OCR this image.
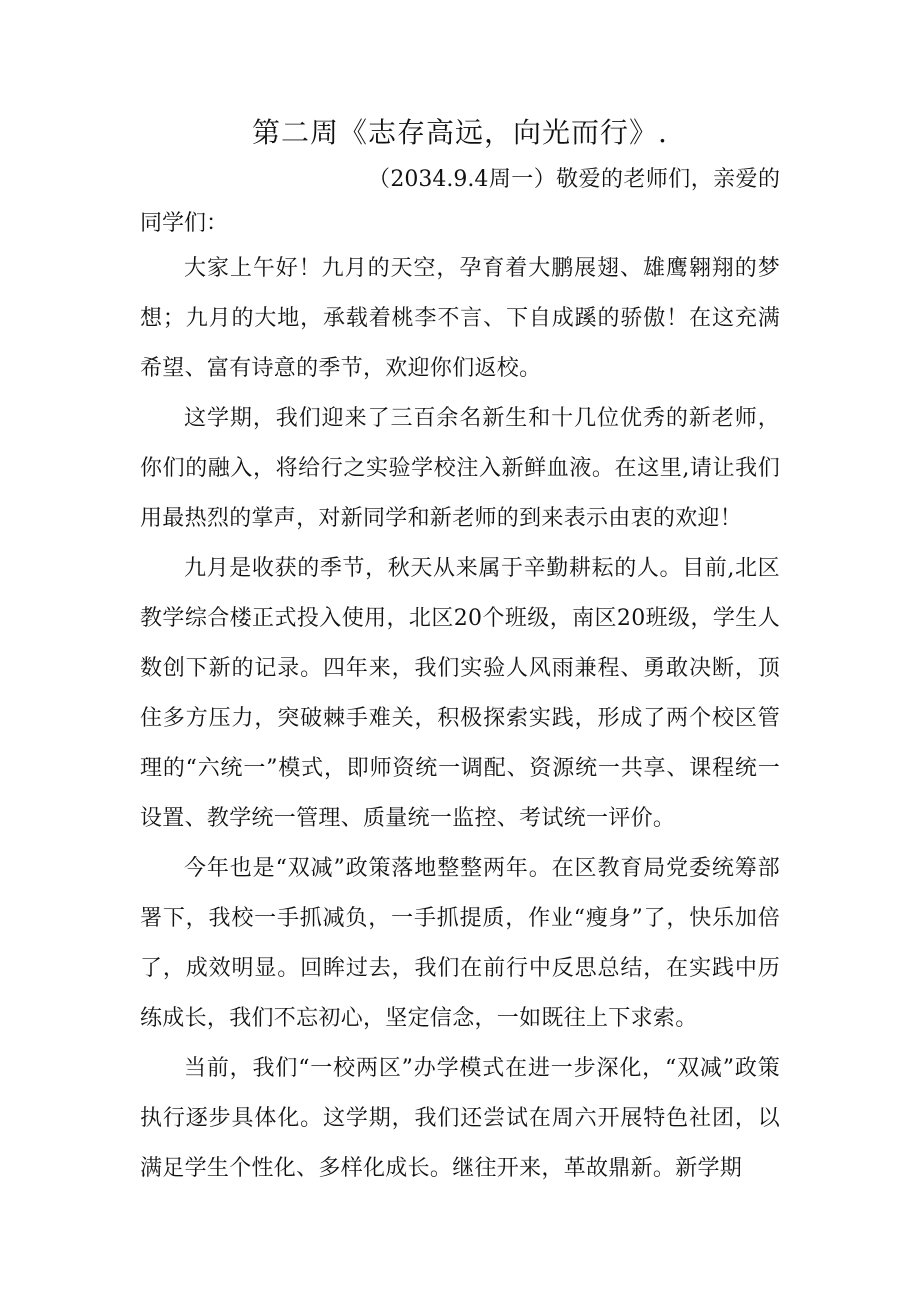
第二周《志存高远，向光而行》.
（2034.9.4周一）敬爱的老师们，亲爱的同学们：

大家上午好！九月的天空，孕育着大鹏展翅、雄鹰翱翔的梦想；九月的大地，承载着桃李不言、下自成蹊的骄傲！在这充满希望、富有诗意的季节，欢迎你们返校。

这学期，我们迎来了三百余名新生和十几位优秀的新老师，你们的融入，将给行之实验学校注入新鲜血液。在这里,请让我们用最热烈的掌声，对新同学和新老师的到来表示由衷的欢迎！

九月是收获的季节，秋天从来属于辛勤耕耘的人。目前,北区教学综合楼正式投入使用，北区20个班级，南区20班级，学生人数创下新的记录。四年来，我们实验人风雨兼程、勇敢决断，顶住多方压力，突破棘手难关，积极探索实践，形成了两个校区管理的“六统一”模式，即师资统一调配、资源统一共享、课程统一设置、教学统一管理、质量统一监控、考试统一评价。

今年也是“双减”政策落地整整两年。在区教育局党委统筹部署下，我校一手抓减负，一手抓提质，作业“瘦身”了，快乐加倍了，成效明显。回眸过去，我们在前行中反思总结，在实践中历练成长，我们不忘初心，坚定信念，一如既往上下求索。

当前，我们“一校两区”办学模式在进一步深化，“双减”政策执行逐步具体化。这学期，我们还尝试在周六开展特色社团，以满足学生个性化、多样化成长。继往开来，革故鼎新。新学期
